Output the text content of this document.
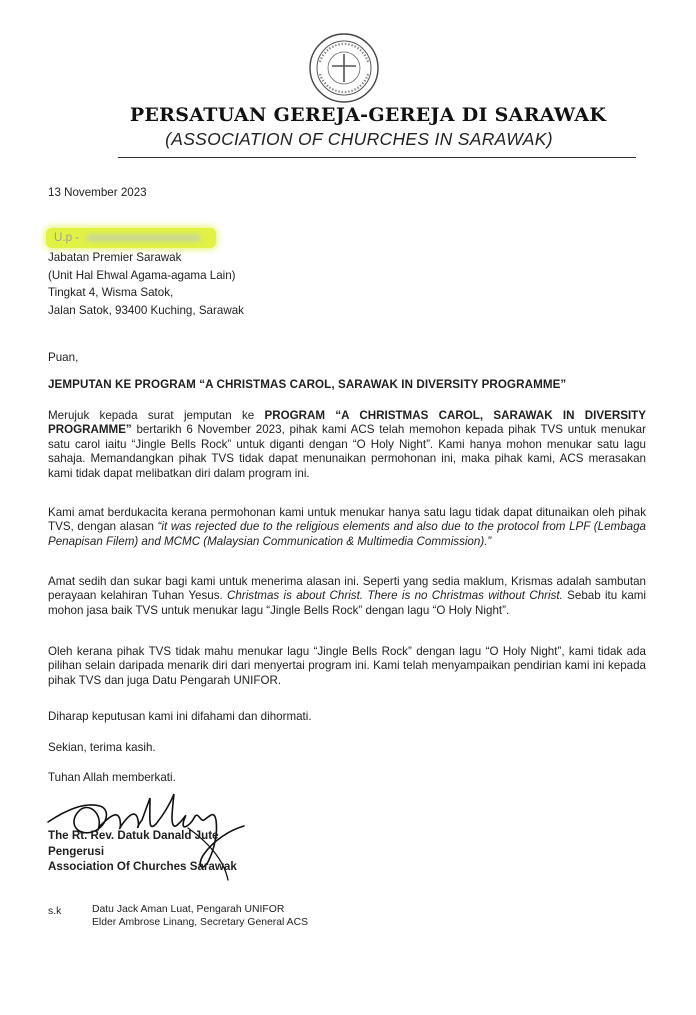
PERSATUAN GEREJA-GEREJA DI SARAWAK
(ASSOCIATION OF CHURCHES IN SARAWAK)
13 November 2023
U.p -
Jabatan Premier Sarawak
(Unit Hal Ehwal Agama-agama Lain)
Tingkat 4, Wisma Satok,
Jalan Satok, 93400 Kuching, Sarawak
Puan,
JEMPUTAN KE PROGRAM “A CHRISTMAS CAROL, SARAWAK IN DIVERSITY PROGRAMME”
Merujuk kepada surat jemputan ke PROGRAM “A CHRISTMAS CAROL, SARAWAK IN DIVERSITY PROGRAMME” bertarikh 6 November 2023, pihak kami ACS telah memohon kepada pihak TVS untuk menukar satu carol iaitu “Jingle Bells Rock” untuk diganti dengan “O Holy Night”. Kami hanya mohon menukar satu lagu sahaja. Memandangkan pihak TVS tidak dapat menunaikan permohonan ini, maka pihak kami, ACS merasakan kami tidak dapat melibatkan diri dalam program ini.
Kami amat berdukacita kerana permohonan kami untuk menukar hanya satu lagu tidak dapat ditunaikan oleh pihak TVS, dengan alasan “it was rejected due to the religious elements and also due to the protocol from LPF (Lembaga Penapisan Filem) and MCMC (Malaysian Communication & Multimedia Commission).”
Amat sedih dan sukar bagi kami untuk menerima alasan ini. Seperti yang sedia maklum, Krismas adalah sambutan perayaan kelahiran Tuhan Yesus. Christmas is about Christ. There is no Christmas without Christ. Sebab itu kami mohon jasa baik TVS untuk menukar lagu “Jingle Bells Rock” dengan lagu “O Holy Night”.
Oleh kerana pihak TVS tidak mahu menukar lagu “Jingle Bells Rock” dengan lagu “O Holy Night”, kami tidak ada pilihan selain daripada menarik diri dari menyertai program ini. Kami telah menyampaikan pendirian kami ini kepada pihak TVS dan juga Datu Pengarah UNIFOR.
Diharap keputusan kami ini difahami dan dihormati.
Sekian, terima kasih.
Tuhan Allah memberkati.
The Rt. Rev. Datuk Danald Jute
Pengerusi
Association Of Churches Sarawak
s.k	Datu Jack Aman Luat, Pengarah UNIFOR
Elder Ambrose Linang, Secretary General ACS
